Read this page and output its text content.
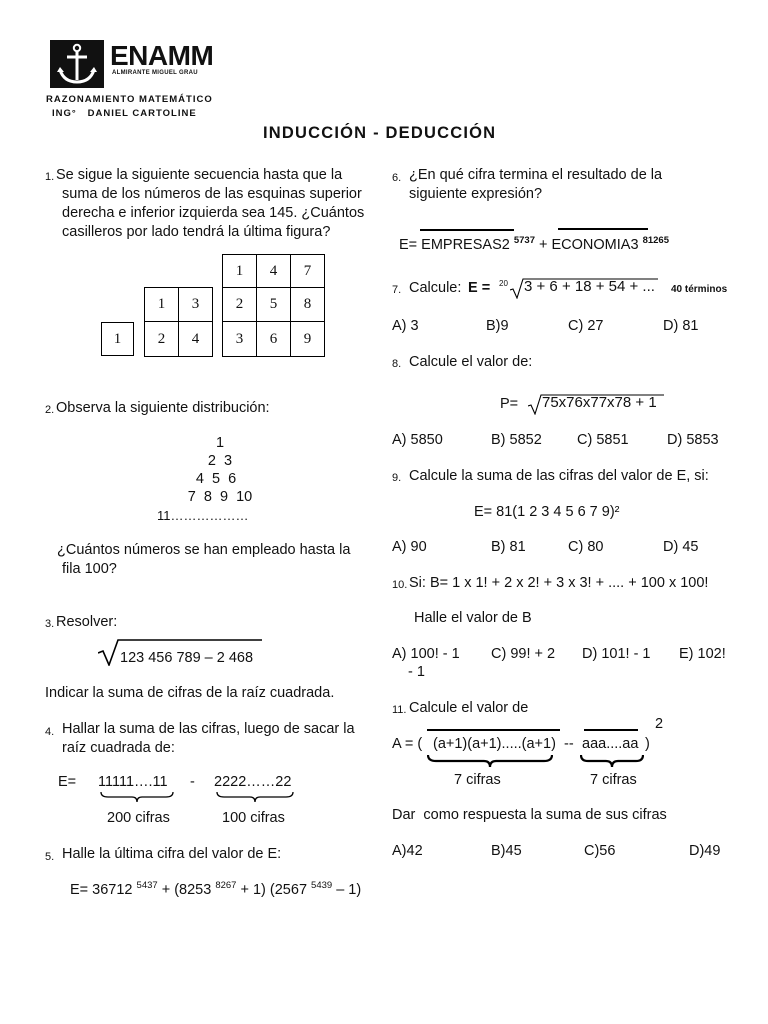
ENAMM
ALMIRANTE MIGUEL GRAU
RAZONAMIENTO MATEMÁTICO
ING°   DANIEL CARTOLINE
INDUCCIÓN - DEDUCCIÓN
1. Se sigue la siguiente secuencia hasta que la
suma de los números de las esquinas superior
derecha e inferior izquierda sea 145. ¿Cuántos
casilleros por lado tendrá la última figura?
1
1	3
2	4
1	4	7
2	5	8
3	6	9
2. Observa la siguiente distribución:
1
2  3
4  5  6
7  8  9  10
11………………
¿Cuántos números se han empleado hasta la
fila 100?
3. Resolver:
123 456 789 – 2 468
Indicar la suma de cifras de la raíz cuadrada.
4. Hallar la suma de las cifras, luego de sacar la
raíz cuadrada de:
E= 11111….11 - 2222……22
200 cifras	100 cifras
5. Halle la última cifra del valor de E:
E= 36712 $^{5437}$ + (8253 $^{8267}$ + 1) (2567 $^{5439}$ – 1)
6. ¿En qué cifra termina el resultado de la
siguiente expresión?
E= EMPRESAS2 $^{5737}$ + ECONOMIA3 $^{81265}$
7. Calcule: E = 20 3 + 6 + 18 + 54 + ... 40 términos
A) 3	B)9	C) 27	D) 81
8. Calcule el valor de:
P= 75x76x77x78 + 1
A) 5850	B) 5852 C) 5851	D) 5853
9. Calcule la suma de las cifras del valor de E, si:
E= 81(1 2 3 4 5 6 7 9)²
A) 90	B) 81	C) 80	D) 45
10. Si: B= 1 x 1! + 2 x 2! + 3 x 3! + .... + 100 x 100!
Halle el valor de B
A) 100! - 1 C) 99! + 2 D) 101! - 1 E) 102!
- 1
11. Calcule el valor de
2
A = ( (a+1)(a+1).....(a+1) -- aaa....aa )
7 cifras	7 cifras
Dar  como respuesta la suma de sus cifras
A)42	B)45	C)56	D)49
